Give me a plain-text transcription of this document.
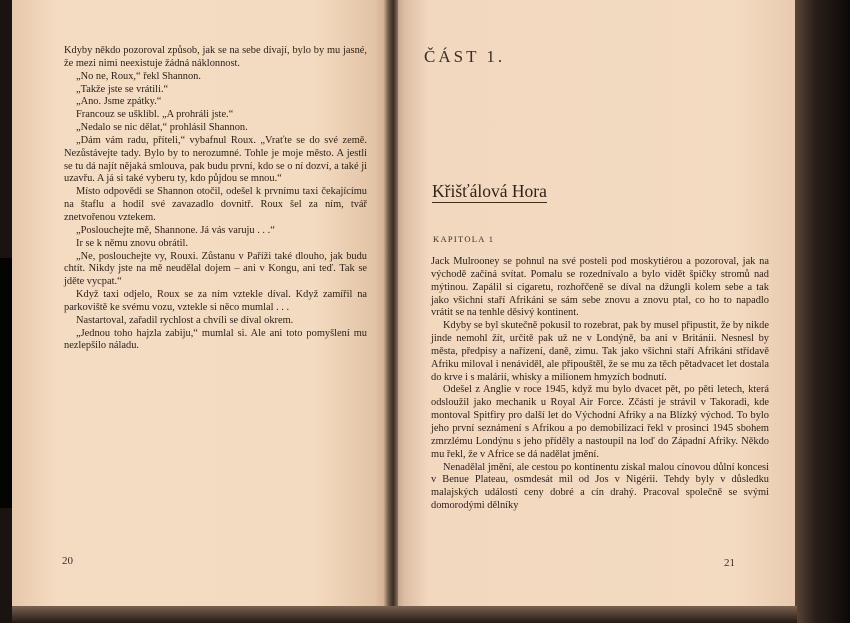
Kdyby někdo pozoroval způsob, jak se na sebe dívají, bylo by mu jasné, že mezi nimi neexistuje žádná náklonnost.

„No ne, Roux,“ řekl Shannon.

„Takže jste se vrátili.“

„Ano. Jsme zpátky.“

Francouz se ušklíbl. „A prohráli jste.“

„Nedalo se nic dělat,“ prohlásil Shannon.

„Dám vám radu, příteli,“ vybafnul Roux. „Vraťte se do své země. Nezůstávejte tady. Bylo by to nerozumné. Tohle je moje město. A jestli se tu dá najít nějaká smlouva, pak budu první, kdo se o ní dozví, a také ji uzavřu. A já si také vyberu ty, kdo půjdou se mnou.“

Místo odpovědi se Shannon otočil, odešel k prvnímu taxi čekajícímu na štaflu a hodil své zavazadlo dovnitř. Roux šel za ním, tvář znetvořenou vztekem.

„Poslouchejte mě, Shannone. Já vás varuju . . .“

Ir se k němu znovu obrátil.

„Ne, poslouchejte vy, Rouxi. Zůstanu v Paříži také dlouho, jak budu chtít. Nikdy jste na mě neudělal dojem – ani v Kongu, ani teď. Tak se jděte vycpat.“

Když taxi odjelo, Roux se za ním vztekle díval. Když zamířil na parkoviště ke svému vozu, vztekle si něco mumlal . . .

Nastartoval, zařadil rychlost a chvíli se díval okrem.

„Jednou toho hajzla zabiju,“ mumlal si. Ale ani toto pomyšlení mu nezlepšilo náladu.

20
ČÁST 1.
Křišťálová Hora
KAPITOLA 1

Jack Mulrooney se pohnul na své posteli pod moskytiérou a pozoroval, jak na východě začíná svítat. Pomalu se rozednívalo a bylo vidět špičky stromů nad mýtinou. Zapálil si cigaretu, rozhořčeně se díval na džungli kolem sebe a tak jako všichni staří Afrikáni se sám sebe znovu a znovu ptal, co ho to napadlo vrátit se na tenhle děsivý kontinent.

Kdyby se byl skutečně pokusil to rozebrat, pak by musel připustit, že by nikde jinde nemohl žít, určitě pak už ne v Londýně, ba ani v Británii. Nesnesl by města, předpisy a nařízení, daně, zimu. Tak jako všichni staří Afrikáni střídavě Afriku miloval i nenáviděl, ale připouštěl, že se mu za těch pětadvacet let dostala do krve i s malárií, whisky a milionem hmyzích bodnutí.

Odešel z Anglie v roce 1945, když mu bylo dvacet pět, po pěti letech, která odsloužil jako mechanik u Royal Air Force. Zčásti je strávil v Takoradi, kde montoval Spitfiry pro další let do Východní Afriky a na Blízký východ. To bylo jeho první seznámení s Afrikou a po demobilizaci řekl v prosinci 1945 sbohem zmrzlému Londýnu s jeho příděly a nastoupil na loď do Západní Afriky. Někdo mu řekl, že v Africe se dá nadělat jmění.

Nenadělal jmění, ale cestou po kontinentu získal malou cínovou důlní koncesi v Benue Plateau, osmdesát mil od Jos v Nigérii. Tehdy byly v důsledku malajských událostí ceny dobré a cín drahý. Pracoval společně se svými domorodými dělníky

21
